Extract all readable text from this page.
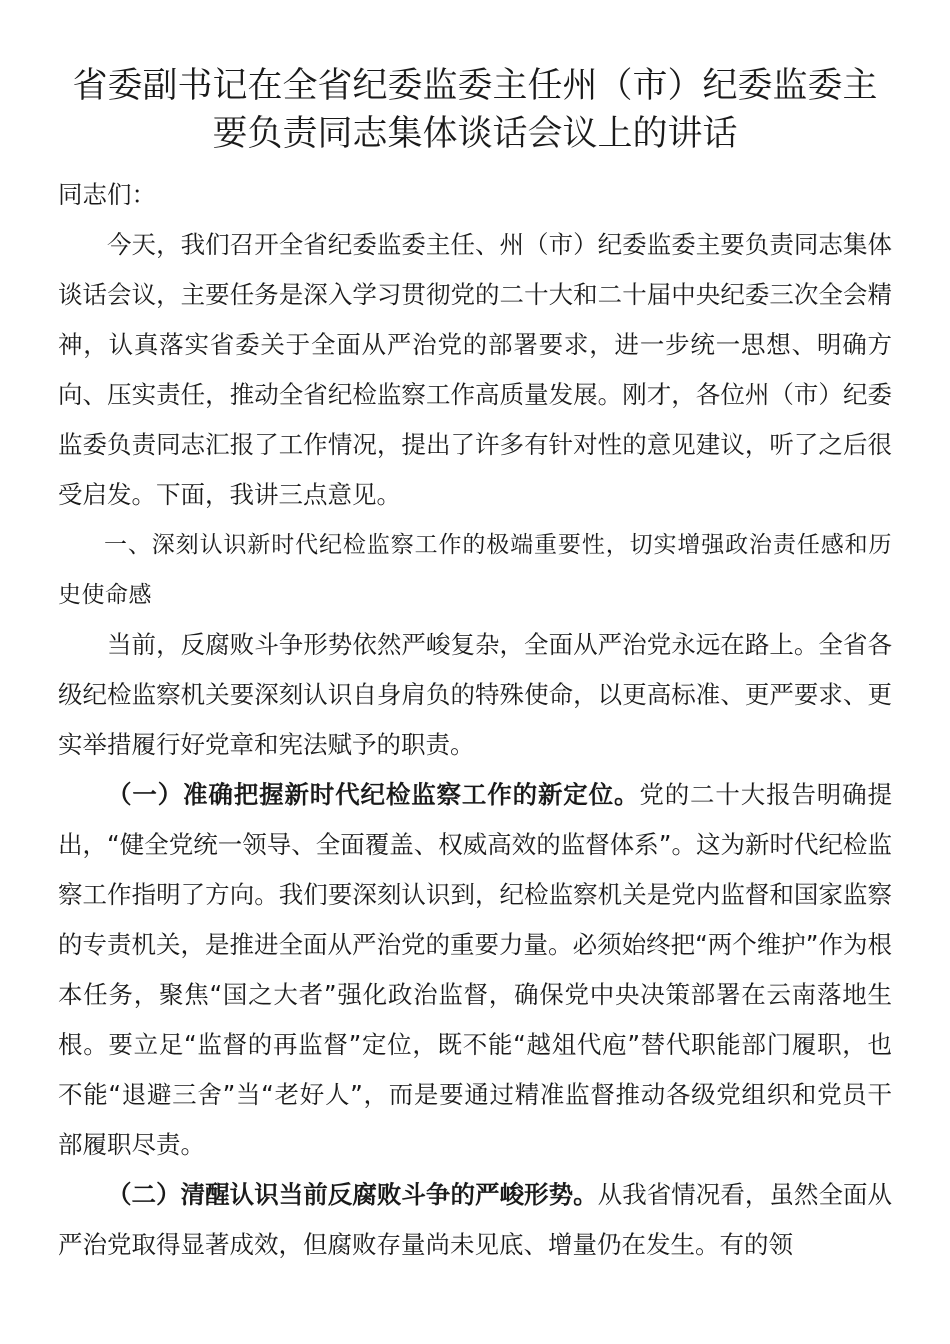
省委副书记在全省纪委监委主任州（市）纪委监委主要负责同志集体谈话会议上的讲话

同志们：

今天，我们召开全省纪委监委主任、州（市）纪委监委主要负责同志集体谈话会议，主要任务是深入学习贯彻党的二十大和二十届中央纪委三次全会精神，认真落实省委关于全面从严治党的部署要求，进一步统一思想、明确方向、压实责任，推动全省纪检监察工作高质量发展。刚才，各位州（市）纪委监委负责同志汇报了工作情况，提出了许多有针对性的意见建议，听了之后很受启发。下面，我讲三点意见。

一、深刻认识新时代纪检监察工作的极端重要性，切实增强政治责任感和历史使命感

当前，反腐败斗争形势依然严峻复杂，全面从严治党永远在路上。全省各级纪检监察机关要深刻认识自身肩负的特殊使命，以更高标准、更严要求、更实举措履行好党章和宪法赋予的职责。

（一）准确把握新时代纪检监察工作的新定位。党的二十大报告明确提出，“健全党统一领导、全面覆盖、权威高效的监督体系”。这为新时代纪检监察工作指明了方向。我们要深刻认识到，纪检监察机关是党内监督和国家监察的专责机关，是推进全面从严治党的重要力量。必须始终把“两个维护”作为根本任务，聚焦“国之大者”强化政治监督，确保党中央决策部署在云南落地生根。要立足“监督的再监督”定位，既不能“越俎代庖”替代职能部门履职，也不能“退避三舍”当“老好人”，而是要通过精准监督推动各级党组织和党员干部履职尽责。

（二）清醒认识当前反腐败斗争的严峻形势。从我省情况看，虽然全面从严治党取得显著成效，但腐败存量尚未见底、增量仍在发生。有的领
